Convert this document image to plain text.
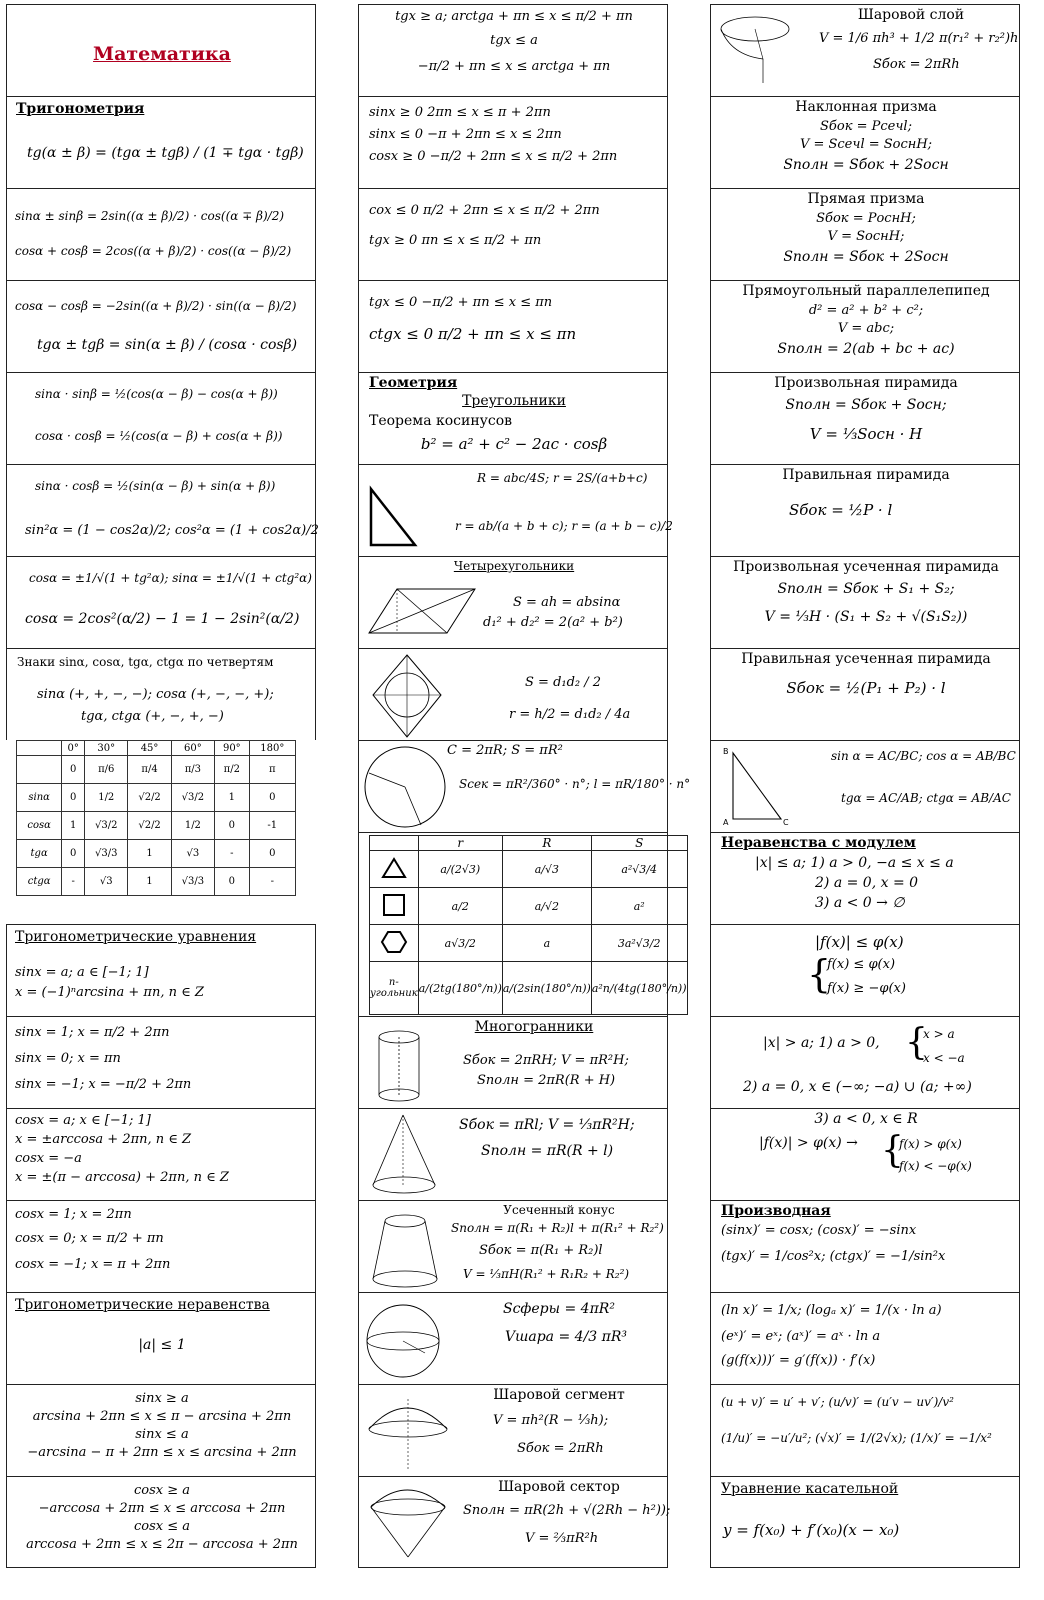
Математика
Тригонометрия
tg(α ± β) = (tgα ± tgβ) / (1 ∓ tgα · tgβ)
sinα ± sinβ = 2sin((α ± β)/2) · cos((α ∓ β)/2)
cosα + cosβ = 2cos((α + β)/2) · cos((α − β)/2)
cosα − cosβ = −2sin((α + β)/2) · sin((α − β)/2)
tgα ± tgβ = sin(α ± β) / (cosα · cosβ)
sinα · sinβ = ½(cos(α − β) − cos(α + β))
cosα · cosβ = ½(cos(α − β) + cos(α + β))
sinα · cosβ = ½(sin(α − β) + sin(α + β))
sin²α = (1 − cos2α)/2; cos²α = (1 + cos2α)/2
cosα = ±1/√(1 + tg²α); sinα = ±1/√(1 + ctg²α)
cosα = 2cos²(α/2) − 1 = 1 − 2sin²(α/2)
Знаки sinα, cosα, tgα, ctgα по четвертям
sinα (+, +, −, −); cosα (+, −, −, +);
tgα, ctgα (+, −, +, −)
	0°	30°	45°	60°	90°	180°
	0	π/6	π/4	π/3	π/2	π
sinα	0	1/2	√2/2	√3/2	1	0
cosα	1	√3/2	√2/2	1/2	0	-1
tgα	0	√3/3	1	√3	-	0
ctgα	-	√3	1	√3/3	0	-
Тригонометрические уравнения
sinx = a; a ∈ [−1; 1]
x = (−1)ⁿarcsina + πn, n ∈ Z
sinx = 1; x = π/2 + 2πn
sinx = 0; x = πn
sinx = −1; x = −π/2 + 2πn
cosx = a; x ∈ [−1; 1]
x = ±arccosa + 2πn, n ∈ Z
cosx = −a
x = ±(π − arccosa) + 2πn, n ∈ Z
cosx = 1; x = 2πn
cosx = 0; x = π/2 + πn
cosx = −1; x = π + 2πn
Тригонометрические неравенства
|a| ≤ 1
sinx ≥ a
arcsina + 2πn ≤ x ≤ π − arcsina + 2πn
sinx ≤ a
−arcsina − π + 2πn ≤ x ≤ arcsina + 2πn
cosx ≥ a
−arccosa + 2πn ≤ x ≤ arccosa + 2πn
cosx ≤ a
arccosa + 2πn ≤ x ≤ 2π − arccosa + 2πn
tgx ≥ a; arctga + πn ≤ x ≤ π/2 + πn
tgx ≤ a
−π/2 + πn ≤ x ≤ arctga + πn
sinx ≥ 0 2πn ≤ x ≤ π + 2πn
sinx ≤ 0 −π + 2πn ≤ x ≤ 2πn
cosx ≥ 0 −π/2 + 2πn ≤ x ≤ π/2 + 2πn
cox ≤ 0 π/2 + 2πn ≤ x ≤ π/2 + 2πn
tgx ≥ 0 πn ≤ x ≤ π/2 + πn
tgx ≤ 0 −π/2 + πn ≤ x ≤ πn
ctgx ≤ 0 π/2 + πn ≤ x ≤ πn
Геометрия
Треугольники
Теорема косинусов
b² = a² + c² − 2ac · cosβ
R = abc/4S; r = 2S/(a+b+c)
r = ab/(a + b + c); r = (a + b − c)/2
Четырехугольники
S = ah = absinα
d₁² + d₂² = 2(a² + b²)
S = d₁d₂ / 2
r = h/2 = d₁d₂ / 4a
C = 2πR; S = πR²
Sсек = πR²/360° · n°; l = πR/180° · n°
	r	R	S
	a/(2√3)	a/√3	a²√3/4
	a/2	a/√2	a²
	a√3/2	a	3a²√3/2
n-угольник	a/(2tg(180°/n))	a/(2sin(180°/n))	a²n/(4tg(180°/n))
Многогранники
Sбок = 2πRH; V = πR²H;
Sполн = 2πR(R + H)
Sбок = πRl; V = ⅓πR²H;
Sполн = πR(R + l)
Усеченный конус
Sполн = π(R₁ + R₂)l + π(R₁² + R₂²)
Sбок = π(R₁ + R₂)l
V = ⅓πH(R₁² + R₁R₂ + R₂²)
Sсферы = 4πR²
Vшара = 4/3 πR³
Шаровой сегмент
V = πh²(R − ⅓h);
Sбок = 2πRh
Шаровой сектор
Sполн = πR(2h + √(2Rh − h²));
V = ⅔πR²h
Шаровой слой
V = 1/6 πh³ + 1/2 π(r₁² + r₂²)h
Sбок = 2πRh
Наклонная призма
Sбок = Pсечl;
V = Sсечl = SоснH;
Sполн = Sбок + 2Sосн
Прямая призма
Sбок = PоснH;
V = SоснH;
Sполн = Sбок + 2Sосн
Прямоугольный параллелепипед
d² = a² + b² + c²;
V = abc;
Sполн = 2(ab + bc + ac)
Произвольная пирамида
Sполн = Sбок + Sосн;
V = ⅓Sосн · H
Правильная пирамида
Sбок = ½P · l
Произвольная усеченная пирамида
Sполн = Sбок + S₁ + S₂;
V = ⅓H · (S₁ + S₂ + √(S₁S₂))
Правильная усеченная пирамида
Sбок = ½(P₁ + P₂) · l
B
A	C
sin α = AC/BC; cos α = AB/BC
tgα = AC/AB; ctgα = AB/AC
Неравенства с модулем
|x| ≤ a; 1) a > 0, −a ≤ x ≤ a
2) a = 0, x = 0
3) a < 0 → ∅
|f(x)| ≤ φ(x)
{
f(x) ≤ φ(x)
f(x) ≥ −φ(x)
|x| > a; 1) a > 0, {
x > a
x < −a
2) a = 0, x ∈ (−∞; −a) ∪ (a; +∞)
3) a < 0, x ∈ R
|f(x)| > φ(x) → {
f(x) > φ(x)
f(x) < −φ(x)
Производная
(sinx)′ = cosx; (cosx)′ = −sinx
(tgx)′ = 1/cos²x; (ctgx)′ = −1/sin²x
(ln x)′ = 1/x; (logₐ x)′ = 1/(x · ln a)
(eˣ)′ = eˣ; (aˣ)′ = aˣ · ln a
(g(f(x)))′ = g′(f(x)) · f′(x)
(u + v)′ = u′ + v′; (u/v)′ = (u′v − uv′)/v²
(1/u)′ = −u′/u²; (√x)′ = 1/(2√x); (1/x)′ = −1/x²
Уравнение касательной
y = f(x₀) + f′(x₀)(x − x₀)
